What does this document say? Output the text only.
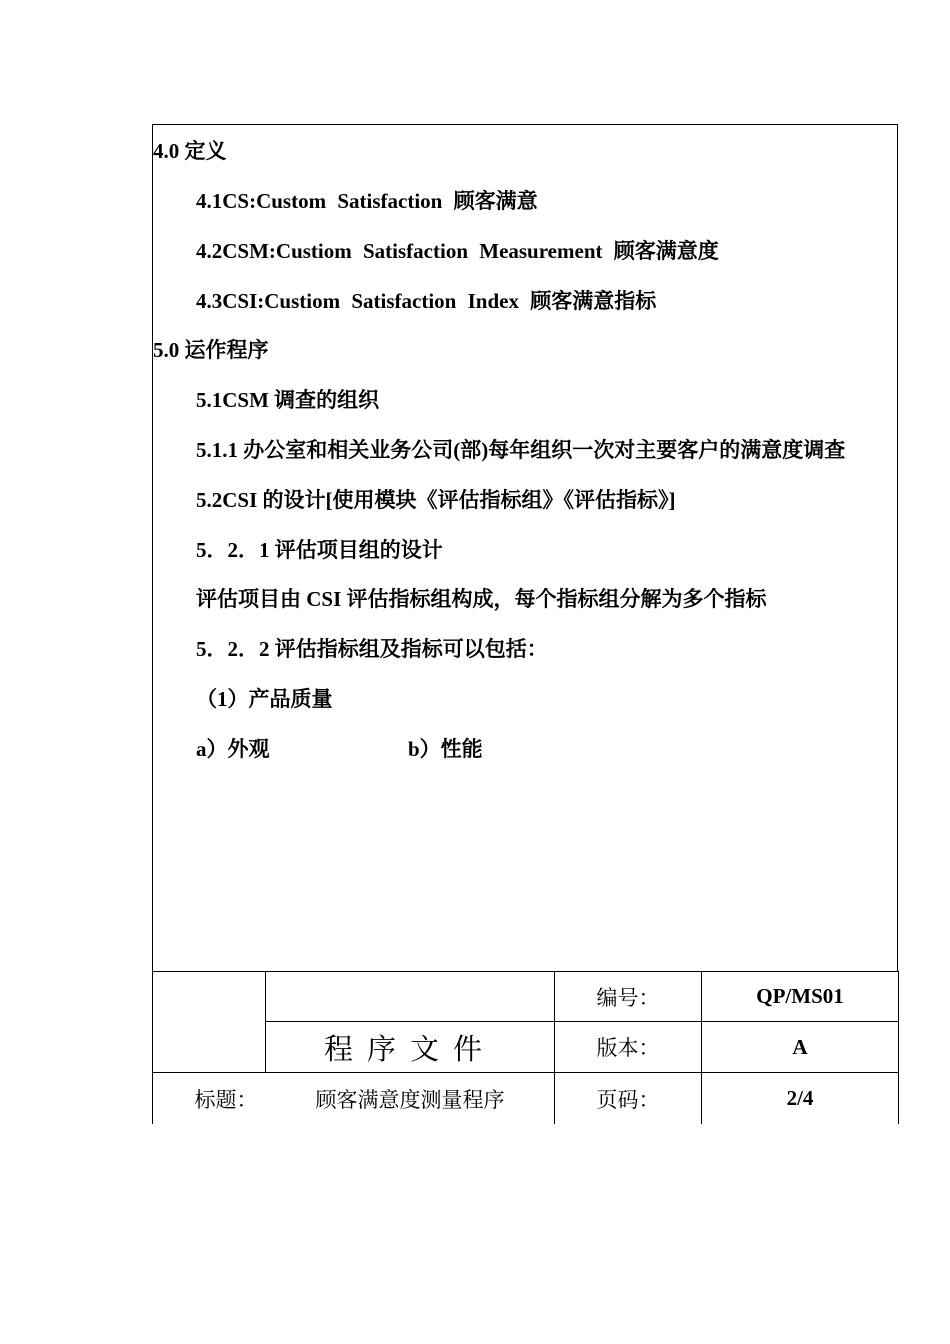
4.0 定义
4.1CS:Custom Satisfaction 顾客满意
4.2CSM:Custiom Satisfaction Measurement 顾客满意度
4.3CSI:Custiom Satisfaction Index 顾客满意指标
5.0 运作程序
5.1CSM 调查的组织
5.1.1 办公室和相关业务公司(部)每年组织一次对主要客户的满意度调查
5.2CSI 的设计[使用模块《评估指标组》《评估指标》]
5．2．1 评估项目组的设计
评估项目由 CSI 评估指标组构成，每个指标组分解为多个指标
5．2．2 评估指标组及指标可以包括：
（1）产品质量
a）外观	b）性能
程序文件
编号：	QP/MS01
版本：	A
标题：	顾客满意度测量程序	页码：	2/4
